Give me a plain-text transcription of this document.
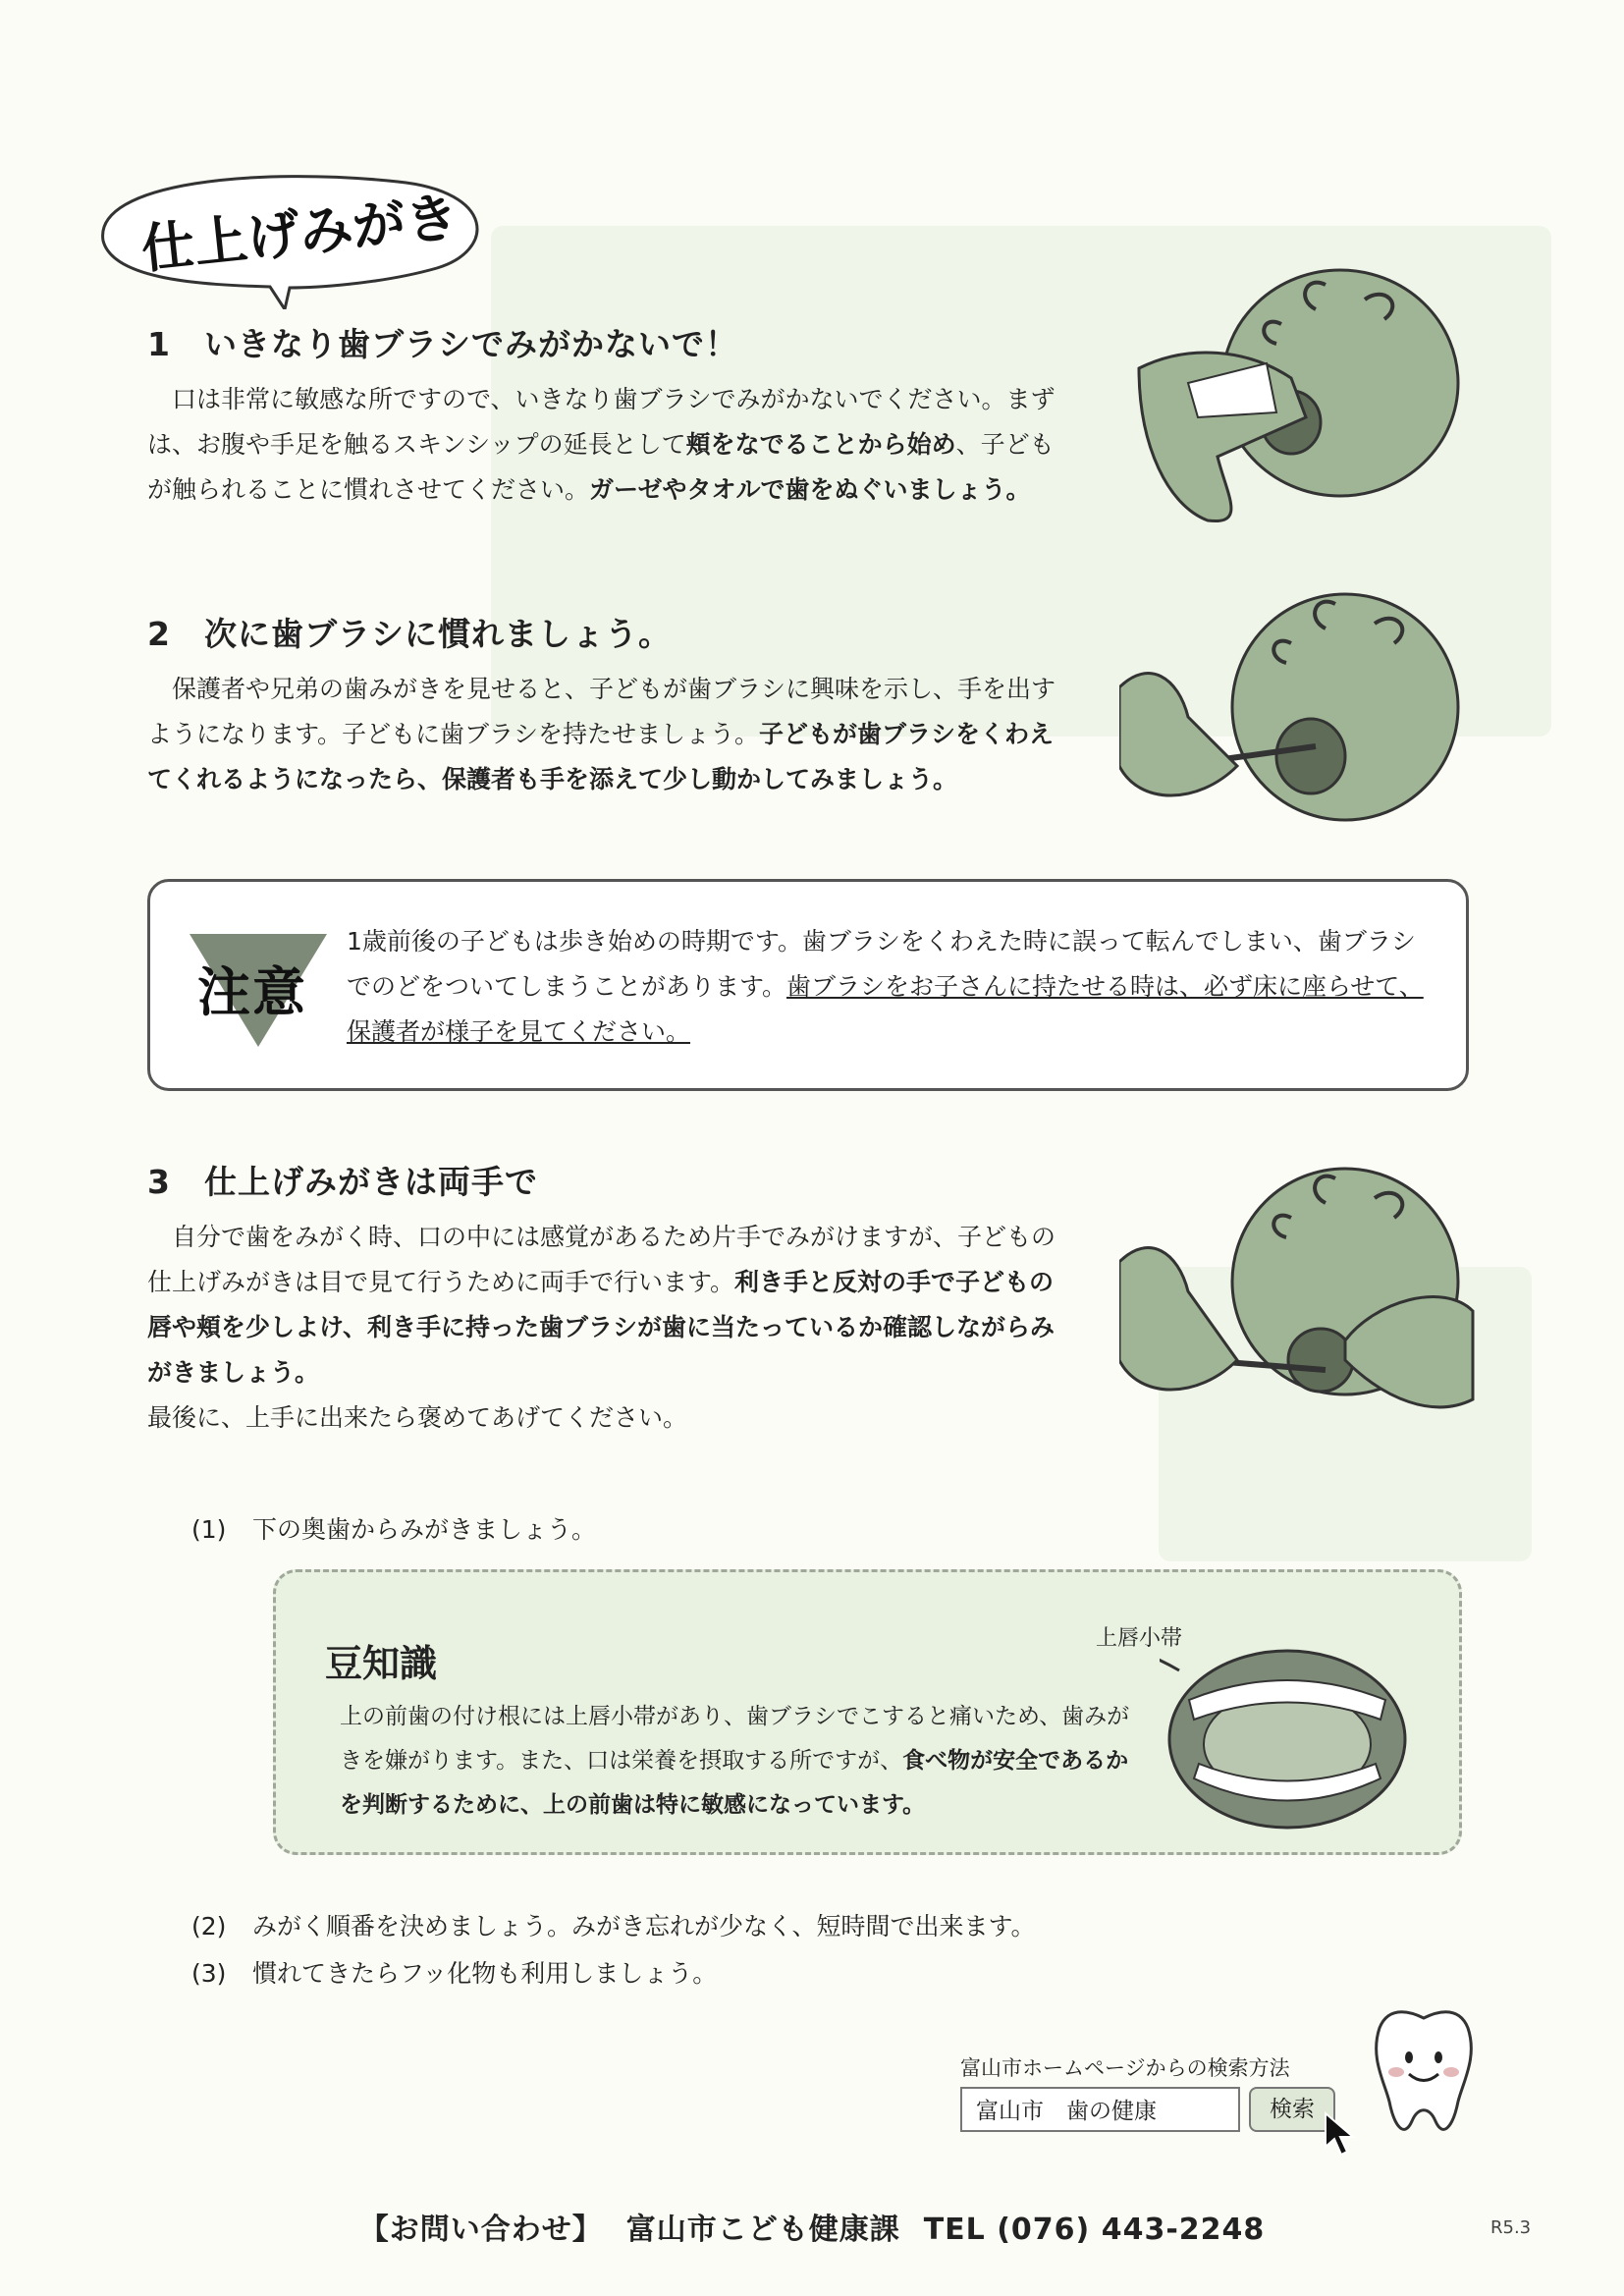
仕上げみがき
1　いきなり歯ブラシでみがかないで！
口は非常に敏感な所ですので、いきなり歯ブラシでみがかないでください。まずは、お腹や手足を触るスキンシップの延長として頬をなでることから始め、子どもが触られることに慣れさせてください。ガーゼやタオルで歯をぬぐいましょう。
2　次に歯ブラシに慣れましょう。
保護者や兄弟の歯みがきを見せると、子どもが歯ブラシに興味を示し、手を出すようになります。子どもに歯ブラシを持たせましょう。子どもが歯ブラシをくわえてくれるようになったら、保護者も手を添えて少し動かしてみましょう。
注意
1歳前後の子どもは歩き始めの時期です。歯ブラシをくわえた時に誤って転んでしまい、歯ブラシでのどをついてしまうことがあります。歯ブラシをお子さんに持たせる時は、必ず床に座らせて、保護者が様子を見てください。
3　仕上げみがきは両手で
自分で歯をみがく時、口の中には感覚があるため片手でみがけますが、子どもの仕上げみがきは目で見て行うために両手で行います。利き手と反対の手で子どもの唇や頬を少しよけ、利き手に持った歯ブラシが歯に当たっているか確認しながらみがきましょう。
最後に、上手に出来たら褒めてあげてください。
(1) 下の奥歯からみがきましょう。
豆知識
上の前歯の付け根には上唇小帯があり、歯ブラシでこすると痛いため、歯みがきを嫌がります。また、口は栄養を摂取する所ですが、食べ物が安全であるかを判断するために、上の前歯は特に敏感になっています。
上唇小帯
(2) みがく順番を決めましょう。みがき忘れが少なく、短時間で出来ます。
(3) 慣れてきたらフッ化物も利用しましょう。
富山市ホームページからの検索方法
富山市　歯の健康	検索
【お問い合わせ】 富山市こども健康課 TEL (076) 443-2248	R5.3
